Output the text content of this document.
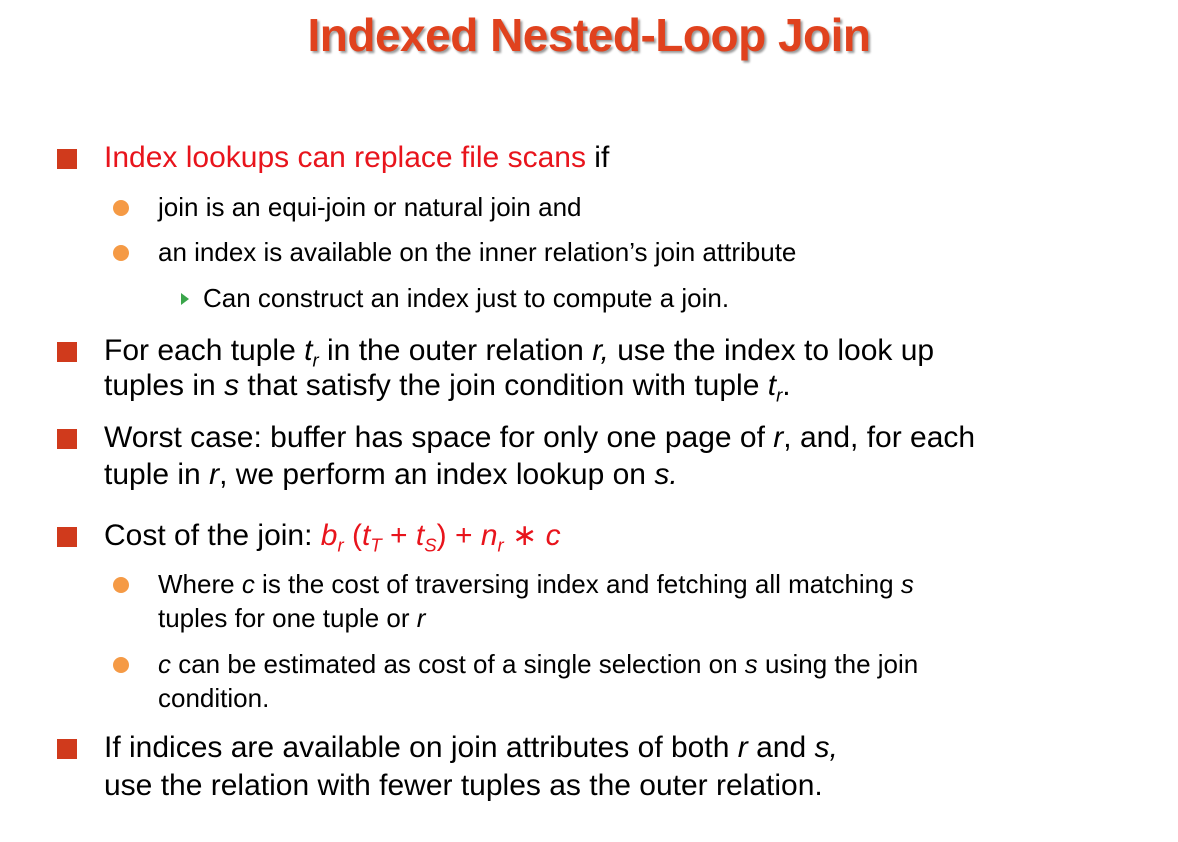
Indexed Nested-Loop Join
Index lookups can replace file scans if
join is an equi-join or natural join and
an index is available on the inner relation’s join attribute
Can construct an index just to compute a join.
For each tuple $t_r$ in the outer relation r, use the index to look up
tuples in s that satisfy the join condition with tuple $t_r$.
Worst case: buffer has space for only one page of r, and, for each
tuple in r, we perform an index lookup on s.
Cost of the join: $b_r$ $(t_T + t_S) + n_r$ ∗ c
Where c is the cost of traversing index and fetching all matching s
tuples for one tuple or r
c can be estimated as cost of a single selection on s using the join
condition.
If indices are available on join attributes of both r and s,
use the relation with fewer tuples as the outer relation.
